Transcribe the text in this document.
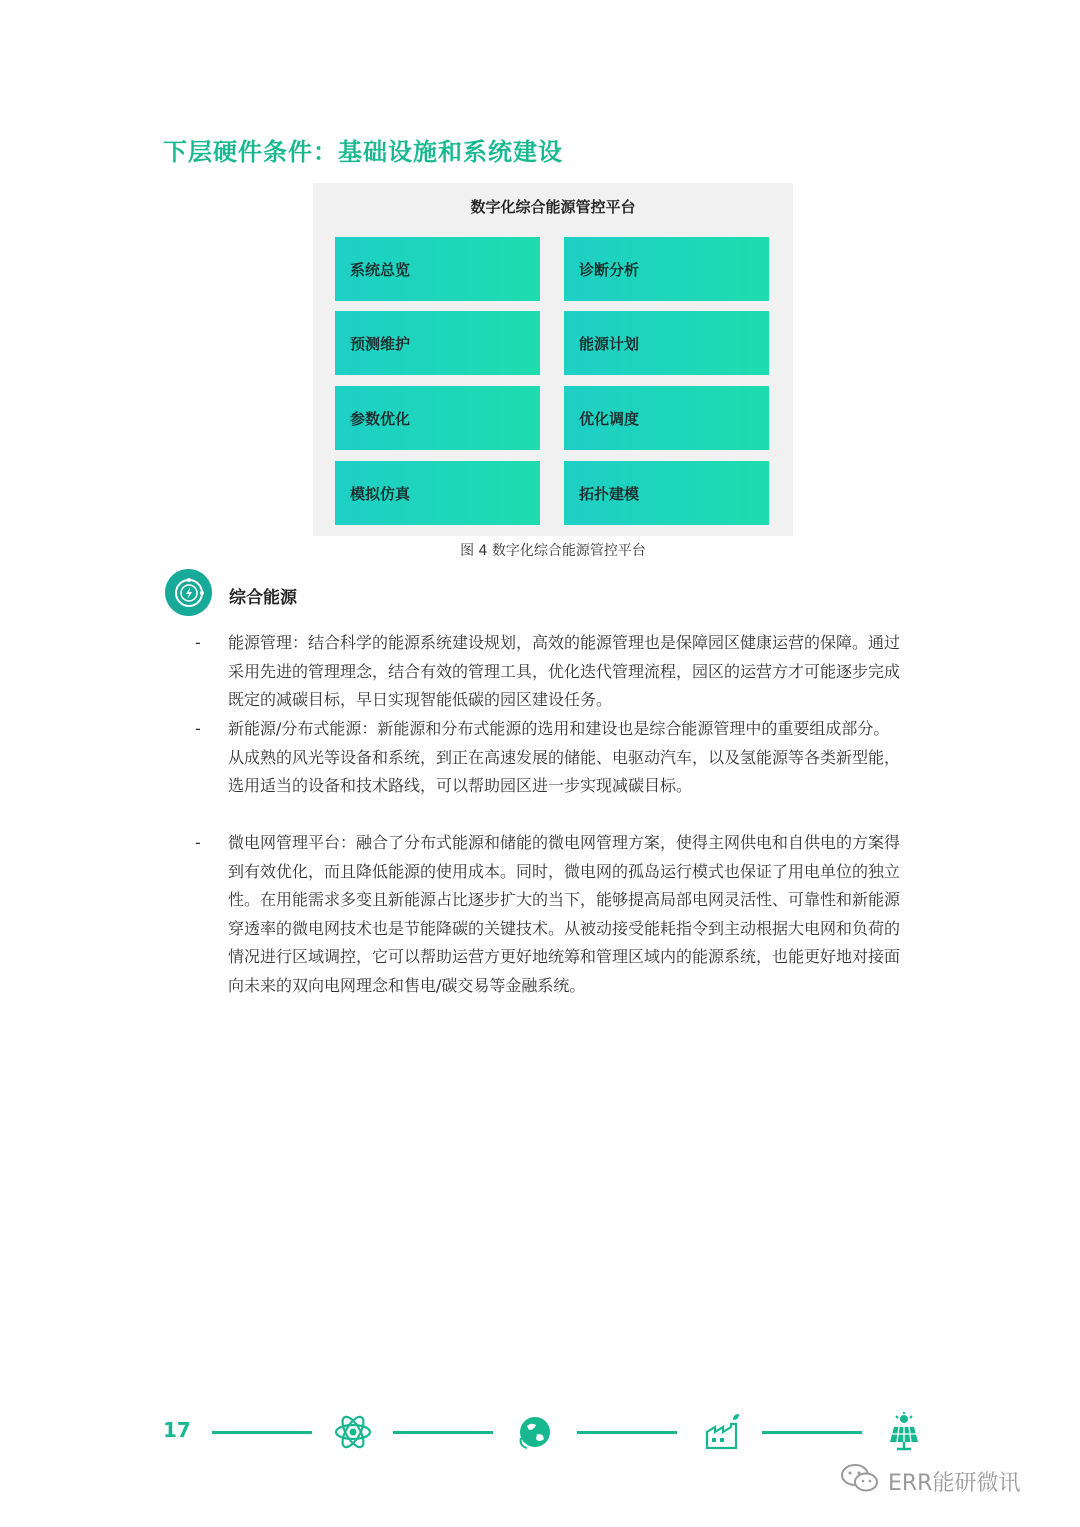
下层硬件条件：基础设施和系统建设
数字化综合能源管控平台
系统总览
预测维护
参数优化
模拟仿真
诊断分析
能源计划
优化调度
拓扑建模
图 4 数字化综合能源管控平台
综合能源
- 能源管理：结合科学的能源系统建设规划，高效的能源管理也是保障园区健康运营的保障。通过采用先进的管理理念，结合有效的管理工具，优化迭代管理流程，园区的运营方才可能逐步完成既定的减碳目标，早日实现智能低碳的园区建设任务。

- 新能源/分布式能源：新能源和分布式能源的选用和建设也是综合能源管理中的重要组成部分。从成熟的风光等设备和系统，到正在高速发展的储能、电驱动汽车，以及氢能源等各类新型能，选用适当的设备和技术路线，可以帮助园区进一步实现减碳目标。

- 微电网管理平台：融合了分布式能源和储能的微电网管理方案，使得主网供电和自供电的方案得到有效优化，而且降低能源的使用成本。同时，微电网的孤岛运行模式也保证了用电单位的独立性。在用能需求多变且新能源占比逐步扩大的当下，能够提高局部电网灵活性、可靠性和新能源穿透率的微电网技术也是节能降碳的关键技术。从被动接受能耗指令到主动根据大电网和负荷的情况进行区域调控，它可以帮助运营方更好地统筹和管理区域内的能源系统，也能更好地对接面向未来的双向电网理念和售电/碳交易等金融系统。

17
ERR能研微讯
